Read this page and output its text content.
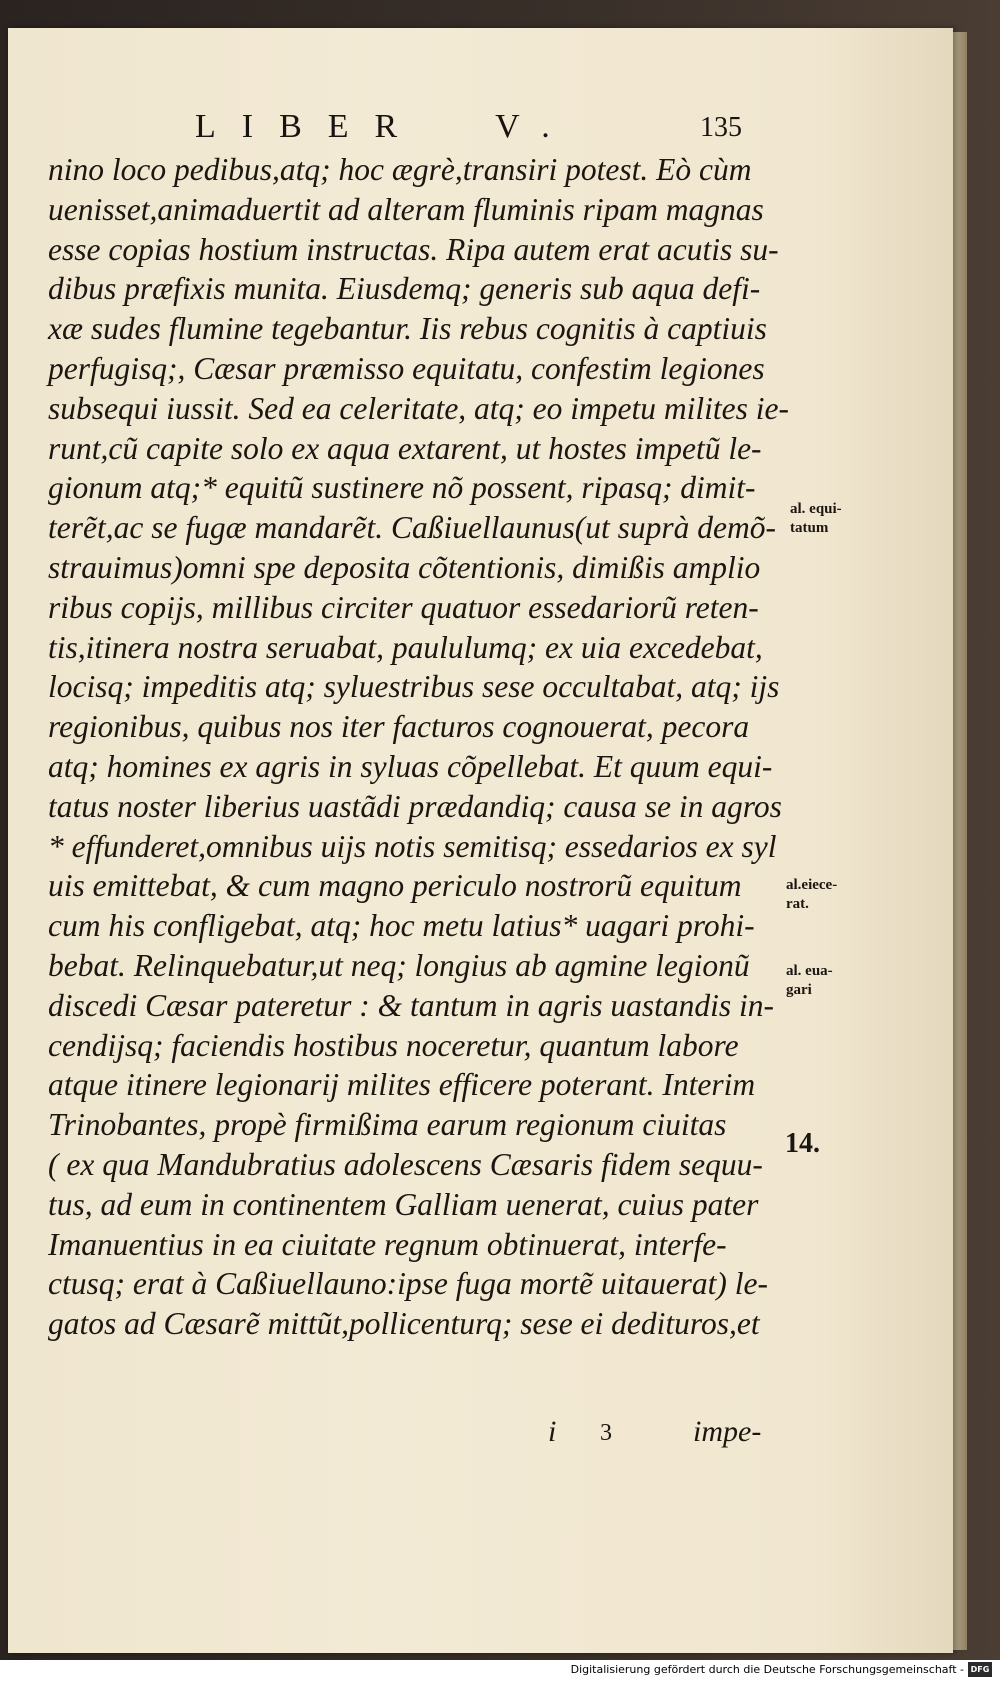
LIBER V.	135
nino loco pedibus,atq; hoc ægrè,transiri potest. Eò cùm
uenisset,animaduertit ad alteram fluminis ripam magnas
esse copias hostium instructas. Ripa autem erat acutis su-
dibus præfixis munita. Eiusdemq; generis sub aqua defi-
xæ sudes flumine tegebantur. Iis rebus cognitis à captiuis
perfugisq;, Cæsar præmisso equitatu, confestim legiones
subsequi iussit. Sed ea celeritate, atq; eo impetu milites ie-
runt,cũ capite solo ex aqua extarent, ut hostes impetũ le-
gionum atq;* equitũ sustinere nõ possent, ripasq; dimit-
terẽt,ac se fugæ mandarẽt. Caßiuellaunus(ut suprà demõ-
strauimus)omni spe deposita cõtentionis, dimißis amplio
ribus copijs, millibus circiter quatuor essedariorũ reten-
tis,itinera nostra seruabat, paululumq; ex uia excedebat,
locisq; impeditis atq; syluestribus sese occultabat, atq; ijs
regionibus, quibus nos iter facturos cognouerat, pecora
atq; homines ex agris in syluas cõpellebat. Et quum equi-
tatus noster liberius uastãdi prædandiq; causa se in agros
* effunderet,omnibus uijs notis semitisq; essedarios ex syl
uis emittebat, & cum magno periculo nostrorũ equitum
cum his confligebat, atq; hoc metu latius* uagari prohi-
bebat. Relinquebatur,ut neq; longius ab agmine legionũ
discedi Cæsar pateretur : & tantum in agris uastandis in-
cendijsq; faciendis hostibus noceretur, quantum labore
atque itinere legionarij milites efficere poterant. Interim
Trinobantes, propè firmißima earum regionum ciuitas
( ex qua Mandubratius adolescens Cæsaris fidem sequu-
tus, ad eum in continentem Galliam uenerat, cuius pater
Imanuentius in ea ciuitate regnum obtinuerat, interfe-
ctusq; erat à Caßiuellauno:ipse fuga mortẽ uitauerat) le-
gatos ad Cæsarẽ mittũt,pollicenturq; sese ei dedituros,et
al. equi-
tatum
al.eiece-
rat.
al. eua-
gari
14.
i 3	impe-
Digitalisierung gefördert durch die Deutsche Forschungsgemeinschaft - DFG
